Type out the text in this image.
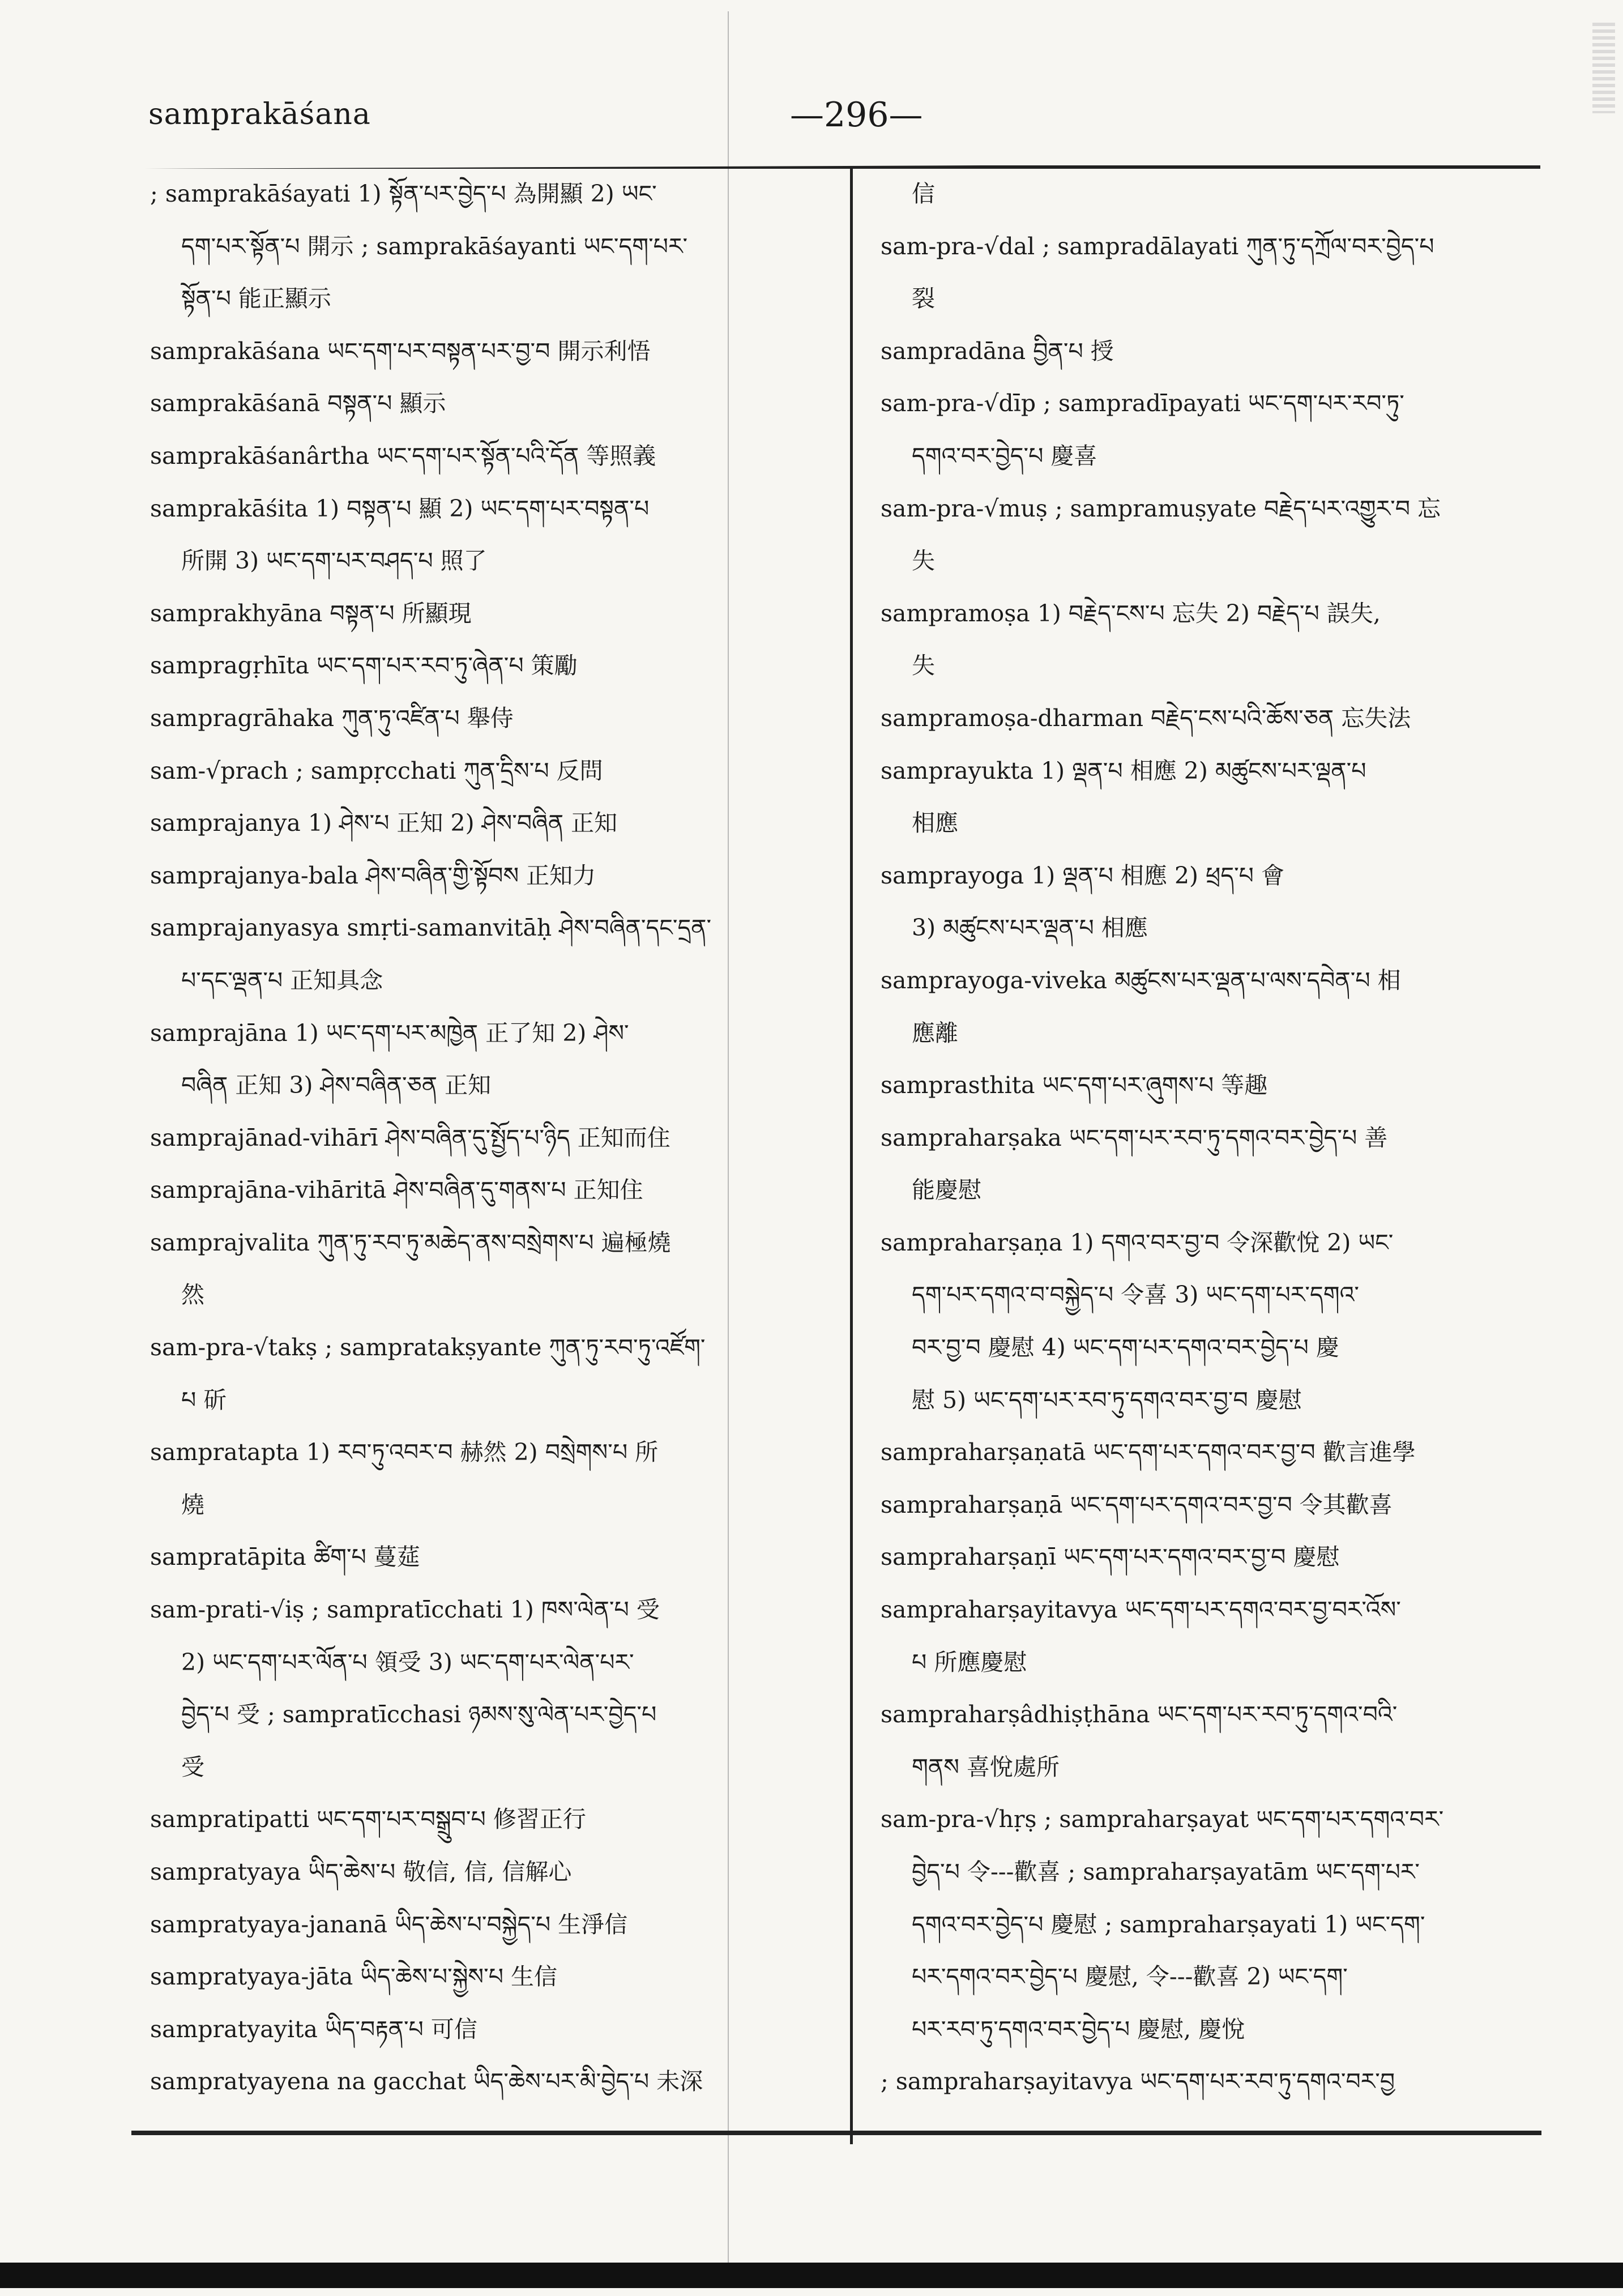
samprakāśana	—296—
; samprakāśayati 1) སྟོན་པར་བྱེད་པ 為開顯 2) ཡང་
དག་པར་སྟོན་པ 開示 ; samprakāśayanti ཡང་དག་པར་
སྟོན་པ 能正顯示
samprakāśana ཡང་དག་པར་བསྟན་པར་བྱ་བ 開示利悟
samprakāśanā བསྟན་པ 顯示
samprakāśanârtha ཡང་དག་པར་སྟོན་པའི་དོན 等照義
samprakāśita 1) བསྟན་པ 顯 2) ཡང་དག་པར་བསྟན་པ
所開 3) ཡང་དག་པར་བཤད་པ 照了
samprakhyāna བསྟན་པ 所顯現
sampragṛhīta ཡང་དག་པར་རབ་ཏུ་ཞེན་པ 策勵
sampragrāhaka ཀུན་ཏུ་འཛིན་པ 舉侍
sam-√prach ; sampṛcchati ཀུན་དྲིས་པ 反問
samprajanya 1) ཤེས་པ 正知 2) ཤེས་བཞིན 正知
samprajanya-bala ཤེས་བཞིན་གྱི་སྟོབས 正知力
samprajanyasya smṛti-samanvitāḥ ཤེས་བཞིན་དང་དྲན་
པ་དང་ལྡན་པ 正知具念
samprajāna 1) ཡང་དག་པར་མཁྱེན 正了知 2) ཤེས་
བཞིན 正知 3) ཤེས་བཞིན་ཅན 正知
samprajānad-vihārī ཤེས་བཞིན་དུ་སྤྱོད་པ་ཉིད 正知而住
samprajāna-vihāritā ཤེས་བཞིན་དུ་གནས་པ 正知住
samprajvalita ཀུན་ཏུ་རབ་ཏུ་མཆེད་ནས་བསྲེགས་པ 遍極燒
然
sam-pra-√takṣ ; sampratakṣyante ཀུན་ཏུ་རབ་ཏུ་འཛོག་
པ 斫
sampratapta 1) རབ་ཏུ་འབར་བ 赫然 2) བསྲེགས་པ 所
燒
sampratāpita ཚིག་པ 蔓莚
sam-prati-√iṣ ; sampratīcchati 1) ཁས་ལེན་པ 受
2) ཡང་དག་པར་ལོན་པ 領受 3) ཡང་དག་པར་ལེན་པར་
བྱེད་པ 受 ; sampratīcchasi ཉམས་སུ་ལེན་པར་བྱེད་པ
受
sampratipatti ཡང་དག་པར་བསྒྲུབ་པ 修習正行
sampratyaya ཡིད་ཆེས་པ 敬信, 信, 信解心
sampratyaya-jananā ཡིད་ཆེས་པ་བསྐྱེད་པ 生淨信
sampratyaya-jāta ཡིད་ཆེས་པ་སྐྱེས་པ 生信
sampratyayita ཡིད་བརྟན་པ 可信
sampratyayena na gacchat ཡིད་ཆེས་པར་མི་བྱེད་པ 未深
信
sam-pra-√dal ; sampradālayati ཀུན་ཏུ་དཀྲོལ་བར་བྱེད་པ
裂
sampradāna བྱིན་པ 授
sam-pra-√dīp ; sampradīpayati ཡང་དག་པར་རབ་ཏུ་
དགའ་བར་བྱེད་པ 慶喜
sam-pra-√muṣ ; sampramuṣyate བརྗེད་པར་འགྱུར་བ 忘
失
sampramoṣa 1) བརྗེད་ངས་པ 忘失 2) བརྗེད་པ 誤失,
失
sampramoṣa-dharman བརྗེད་ངས་པའི་ཆོས་ཅན 忘失法
samprayukta 1) ལྡན་པ 相應 2) མཚུངས་པར་ལྡན་པ
相應
samprayoga 1) ལྡན་པ 相應 2) ཕྲད་པ 會
3) མཚུངས་པར་ལྡན་པ 相應
samprayoga-viveka མཚུངས་པར་ལྡན་པ་ལས་དབེན་པ 相
應離
samprasthita ཡང་དག་པར་ཞུགས་པ 等趣
sampraharṣaka ཡང་དག་པར་རབ་ཏུ་དགའ་བར་བྱེད་པ 善
能慶慰
sampraharṣaṇa 1) དགའ་བར་བྱ་བ 令深歡悅 2) ཡང་
དག་པར་དགའ་བ་བསྐྱེད་པ 令喜 3) ཡང་དག་པར་དགའ་
བར་བྱ་བ 慶慰 4) ཡང་དག་པར་དགའ་བར་བྱེད་པ 慶
慰 5) ཡང་དག་པར་རབ་ཏུ་དགའ་བར་བྱ་བ 慶慰
sampraharṣaṇatā ཡང་དག་པར་དགའ་བར་བྱ་བ 歡言進學
sampraharṣaṇā ཡང་དག་པར་དགའ་བར་བྱ་བ 令其歡喜
sampraharṣaṇī ཡང་དག་པར་དགའ་བར་བྱ་བ 慶慰
sampraharṣayitavya ཡང་དག་པར་དགའ་བར་བྱ་བར་འོས་
པ 所應慶慰
sampraharṣâdhiṣṭhāna ཡང་དག་པར་རབ་ཏུ་དགའ་བའི་
གནས 喜悅處所
sam-pra-√hṛṣ ; sampraharṣayat ཡང་དག་པར་དགའ་བར་
བྱེད་པ 令---歡喜 ; sampraharṣayatām ཡང་དག་པར་
དགའ་བར་བྱེད་པ 慶慰 ; sampraharṣayati 1) ཡང་དག་
པར་དགའ་བར་བྱེད་པ 慶慰, 令---歡喜 2) ཡང་དག་
པར་རབ་ཏུ་དགའ་བར་བྱེད་པ 慶慰, 慶悅
; sampraharṣayitavya ཡང་དག་པར་རབ་ཏུ་དགའ་བར་བྱ
